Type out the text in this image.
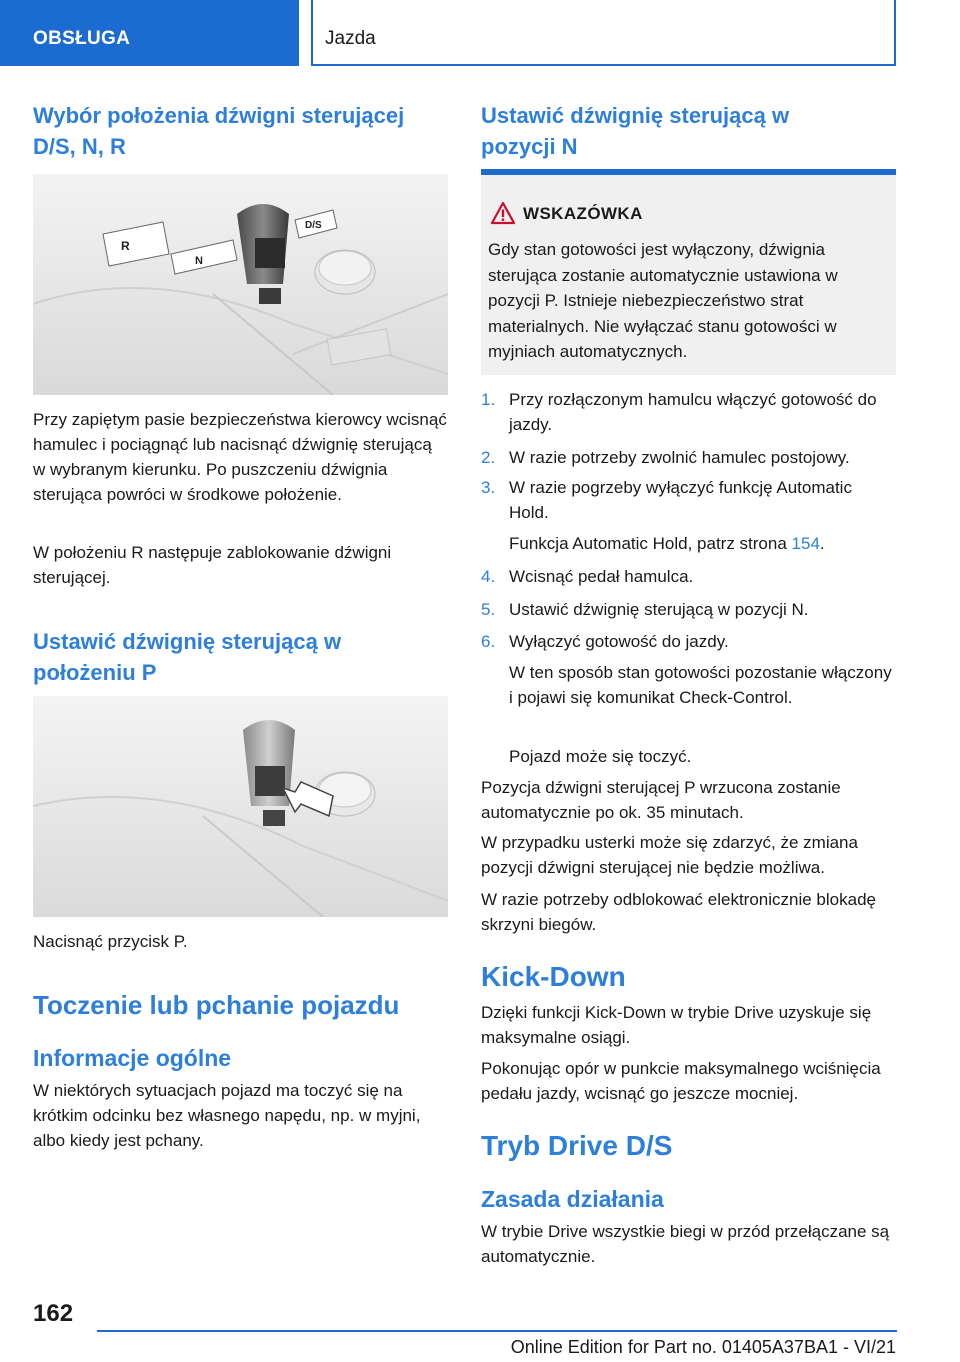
OBSŁUGA	Jazda
Wybór położenia dźwigni sterującej D/S, N, R
R
N
D/S

Przy zapiętym pasie bezpieczeństwa kierowcy wcisnąć hamulec i pociągnąć lub nacisnąć dźwignię sterującą w wybranym kierunku. Po puszczeniu dźwignia sterująca powróci w środkowe położenie.

W położeniu R następuje zablokowanie dźwigni sterującej.

Ustawić dźwignię sterującą w położeniu P

Nacisnąć przycisk P.

Toczenie lub pchanie pojazdu
Informacje ogólne

W niektórych sytuacjach pojazd ma toczyć się na krótkim odcinku bez własnego napędu, np. w myjni, albo kiedy jest pchany.

Ustawić dźwignię sterującą w pozycji N
WSKAZÓWKA
Gdy stan gotowości jest wyłączony, dźwignia sterująca zostanie automatycznie ustawiona w pozycji P. Istnieje niebezpieczeństwo strat materialnych. Nie wyłączać stanu gotowości w myjniach automatycznych.
1. Przy rozłączonym hamulcu włączyć gotowość do jazdy.
2. W razie potrzeby zwolnić hamulec postojowy.
3. W razie pogrzeby wyłączyć funkcję Automatic Hold.
Funkcja Automatic Hold, patrz strona 154.
4. Wcisnąć pedał hamulca.
5. Ustawić dźwignię sterującą w pozycji N.
6. Wyłączyć gotowość do jazdy.
W ten sposób stan gotowości pozostanie włączony i pojawi się komunikat Check-Control.
Pojazd może się toczyć.

Pozycja dźwigni sterującej P wrzucona zostanie automatycznie po ok. 35 minutach.

W przypadku usterki może się zdarzyć, że zmiana pozycji dźwigni sterującej nie będzie możliwa.

W razie potrzeby odblokować elektronicznie blokadę skrzyni biegów.

Kick-Down

Dzięki funkcji Kick-Down w trybie Drive uzyskuje się maksymalne osiągi.

Pokonując opór w punkcie maksymalnego wciśnięcia pedału jazdy, wcisnąć go jeszcze mocniej.

Tryb Drive D/S
Zasada działania

W trybie Drive wszystkie biegi w przód przełączane są automatycznie.

162
Online Edition for Part no. 01405A37BA1 - VI/21
